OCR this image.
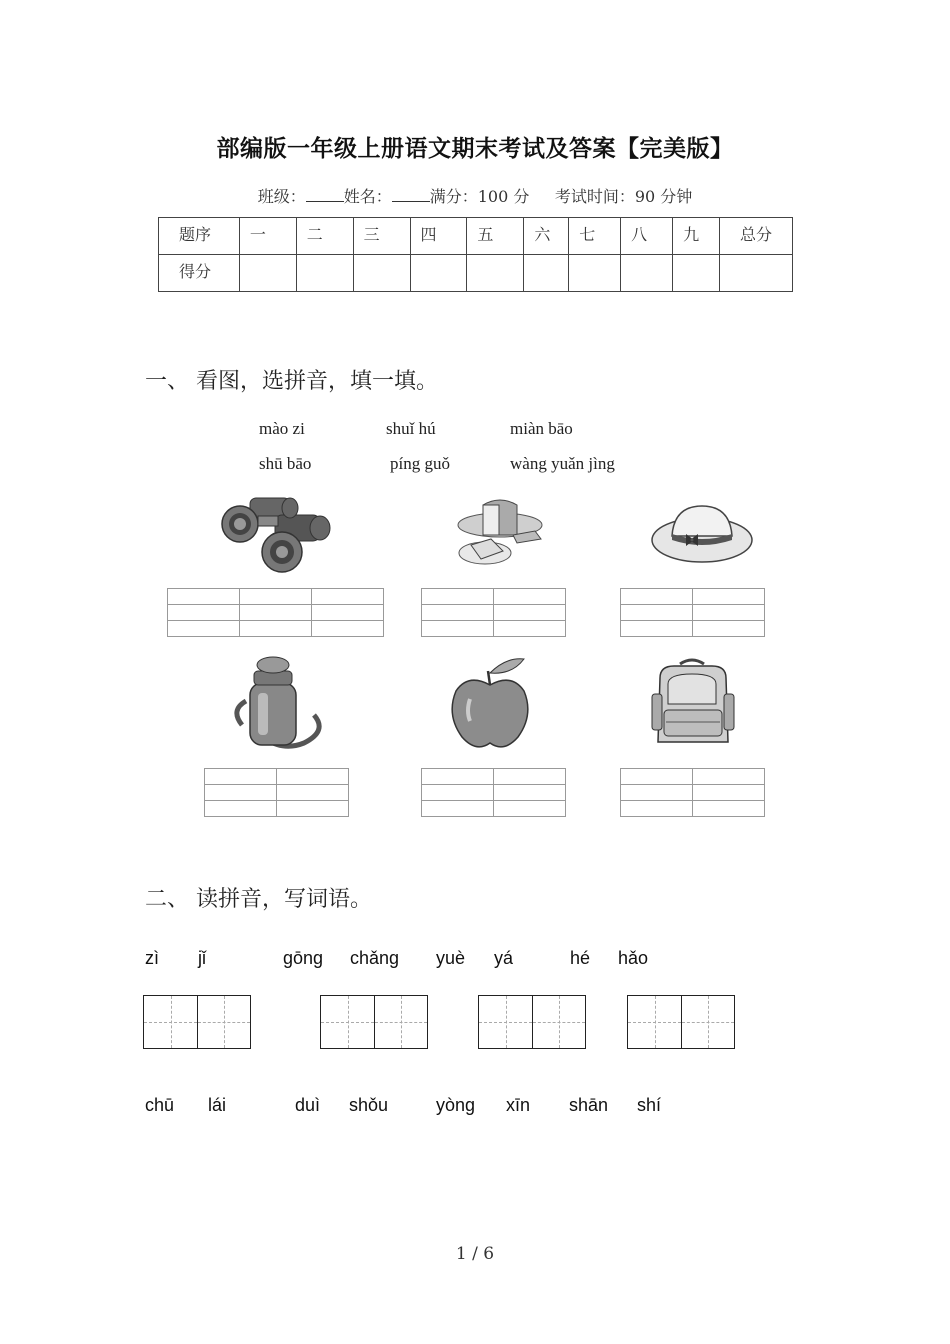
部编版一年级上册语文期末考试及答案【完美版】
班级： 姓名： 满分：100 分 考试时间：90 分钟
题序	一	二	三	四	五	六	七	八	九	总分
得分										
一、 看图，选拼音，填一填。
mào zi	shuǐ hú	miàn bāo
shū bāo	píng guǒ	wàng yuǎn jìng

二、 读拼音，写词语。
zì jǐ	gōng chǎng yuè yá	hé hǎo
chū lái	duì shǒu	yòng xīn shān shí
1 / 6
